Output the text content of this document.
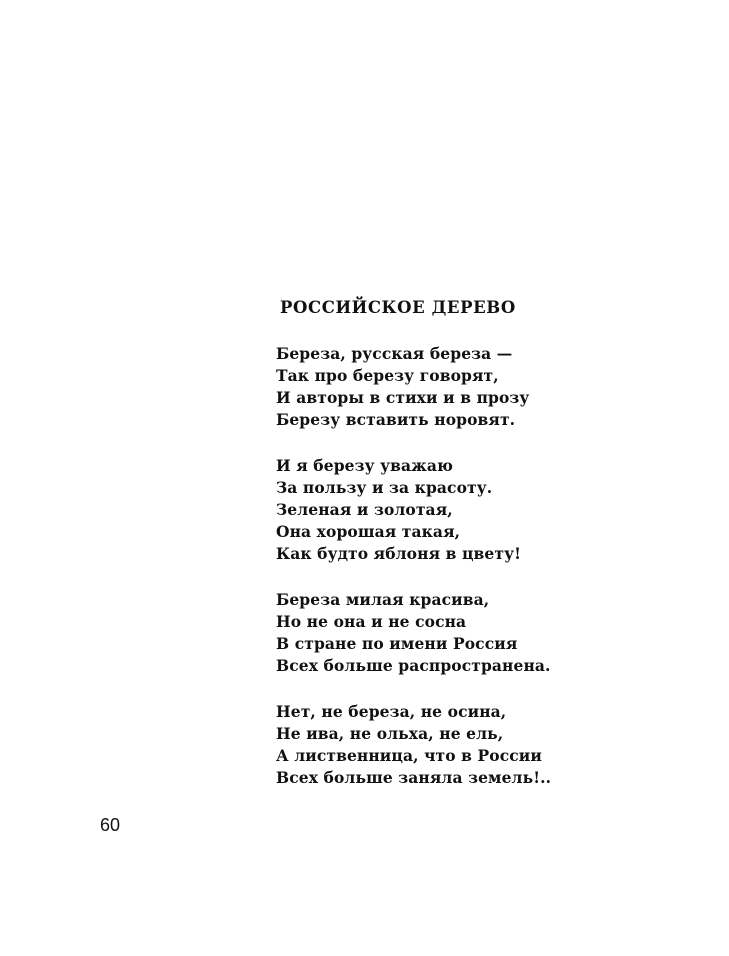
РОССИЙСКОЕ ДЕРЕВО
Береза, русская береза —
Так про березу говорят,
И авторы в стихи и в прозу
Березу вставить норовят.
И я березу уважаю
За пользу и за красоту.
Зеленая и золотая,
Она хорошая такая,
Как будто яблоня в цвету!
Береза милая красива,
Но не она и не сосна
В стране по имени Россия
Всех больше распространена.
Нет, не береза, не осина,
Не ива, не ольха, не ель,
А лиственница, что в России
Всех больше заняла земель!..
60
